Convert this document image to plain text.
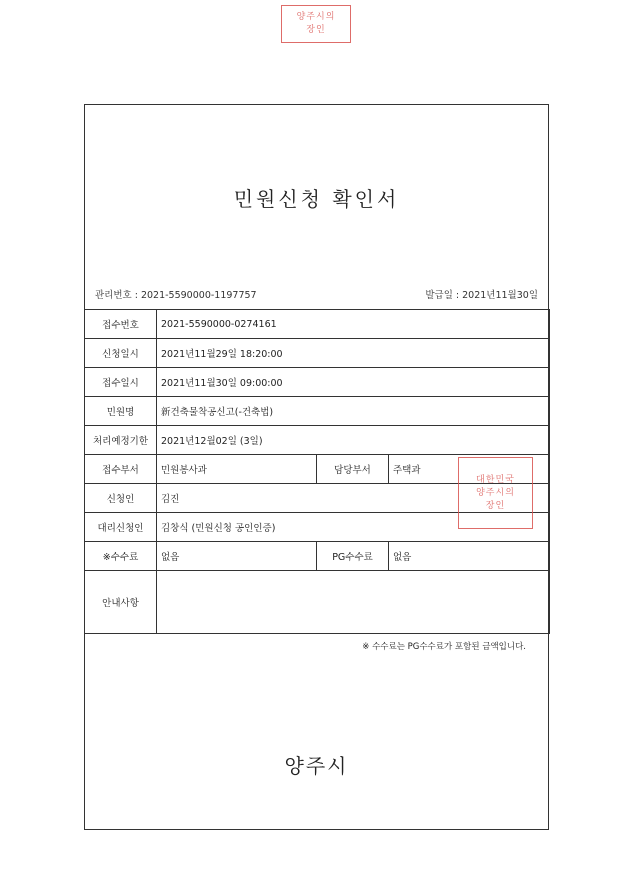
양주시의
장인
민원신청 확인서
관리번호 : 2021-5590000-1197757	발급일 : 2021년11월30일
접수번호	2021-5590000-0274161		
신청일시	2021년11월29일 18:20:00		
접수일시	2021년11월30일 09:00:00		
민원명	新건축물착공신고(-건축법)		
처리예정기한	2021년12월02일 (3일)		
접수부서	민원봉사과	담당부서	주택과
신청인	김진		
대리신청인	김창식 (민원신청 공인인증)		
※수수료	없음	PG수수료	없음
안내사항			
※ 수수료는 PG수수료가 포함된 금액입니다.
양주시
대한민국
양주시의
장인
